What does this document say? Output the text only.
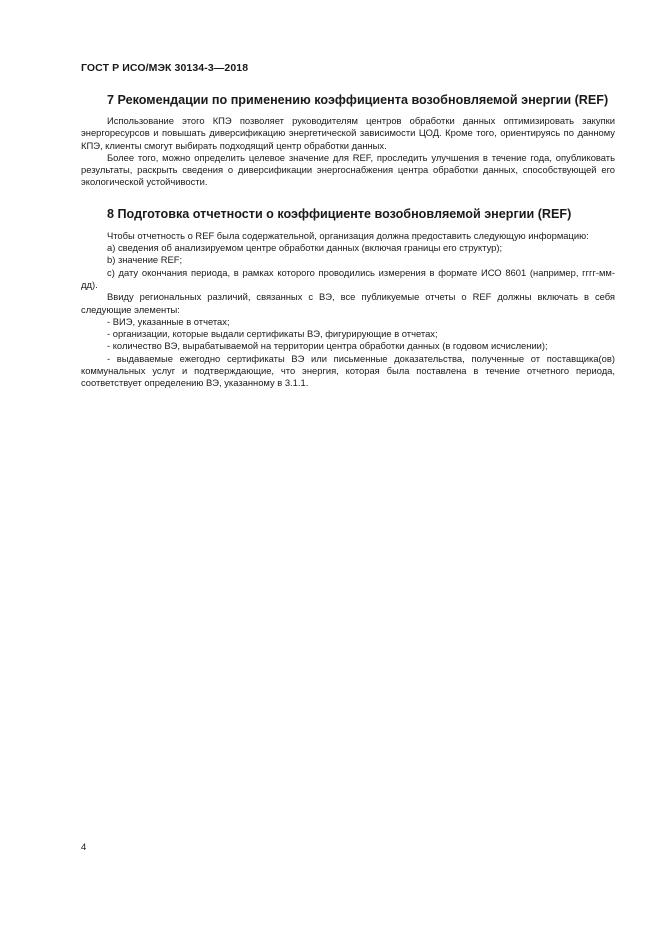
ГОСТ Р ИСО/МЭК 30134-3—2018
7 Рекомендации по применению коэффициента возобновляемой энергии (REF)

Использование этого КПЭ позволяет руководителям центров обработки данных оптимизировать закупки энергоресурсов и повышать диверсификацию энергетической зависимости ЦОД. Кроме того, ориентируясь по данному КПЭ, клиенты смогут выбирать подходящий центр обработки данных.

Более того, можно определить целевое значение для REF, проследить улучшения в течение года, опубликовать результаты, раскрыть сведения о диверсификации энергоснабжения центра обработки данных, способствующей его экологической устойчивости.

8 Подготовка отчетности о коэффициенте возобновляемой энергии (REF)

Чтобы отчетность о REF была содержательной, организация должна предоставить следующую информацию:

а) сведения об анализируемом центре обработки данных (включая границы его структур);

b) значение REF;

c) дату окончания периода, в рамках которого проводились измерения в формате ИСО 8601 (например, гггг-мм-дд).

Ввиду региональных различий, связанных с ВЭ, все публикуемые отчеты о REF должны включать в себя следующие элементы:

- ВИЭ, указанные в отчетах;

- организации, которые выдали сертификаты ВЭ, фигурирующие в отчетах;

- количество ВЭ, вырабатываемой на территории центра обработки данных (в годовом исчислении);

- выдаваемые ежегодно сертификаты ВЭ или письменные доказательства, полученные от поставщика(ов) коммунальных услуг и подтверждающие, что энергия, которая была поставлена в течение отчетного периода, соответствует определению ВЭ, указанному в 3.1.1.

4
